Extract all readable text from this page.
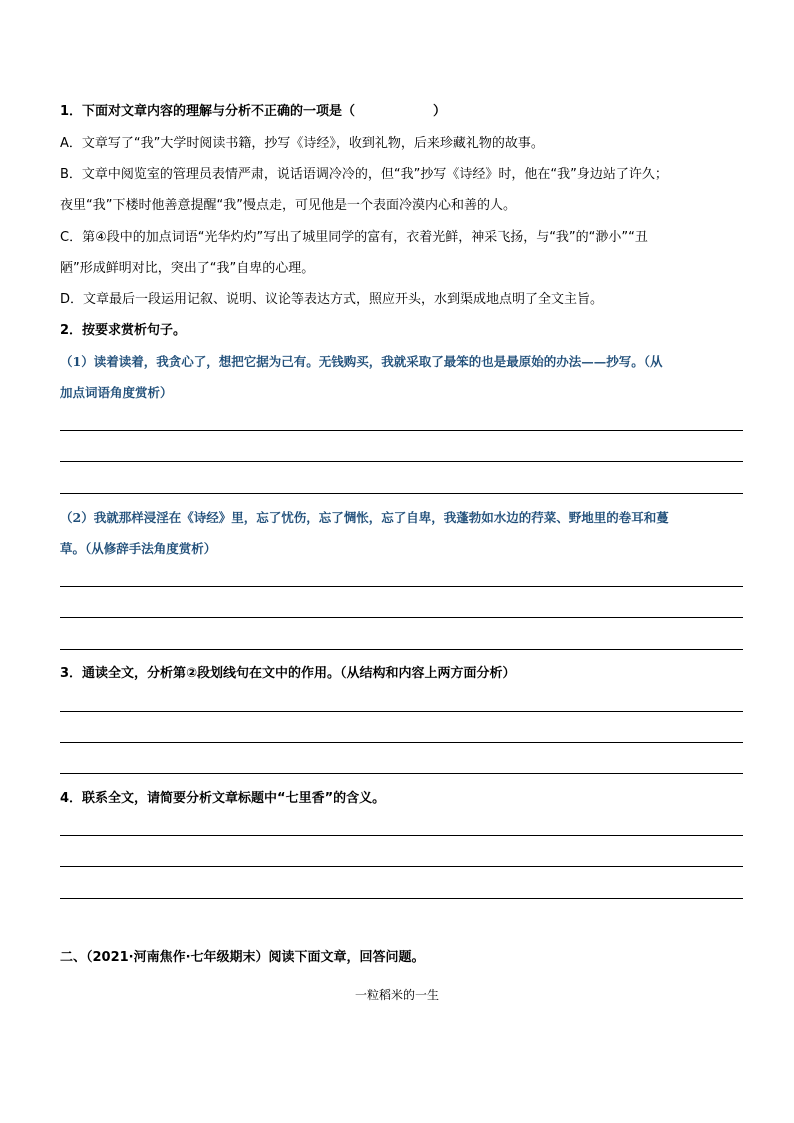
1．下面对文章内容的理解与分析不正确的一项是（　　　　　　）
A．文章写了“我”大学时阅读书籍，抄写《诗经》，收到礼物，后来珍藏礼物的故事。
B．文章中阅览室的管理员表情严肃，说话语调冷冷的，但“我”抄写《诗经》时，他在“我”身边站了许久；
夜里“我”下楼时他善意提醒“我”慢点走，可见他是一个表面冷漠内心和善的人。
C．第④段中的加点词语“光华灼灼”写出了城里同学的富有，衣着光鲜，神采飞扬，与“我”的“渺小”“丑
陋”形成鲜明对比，突出了“我”自卑的心理。
D．文章最后一段运用记叙、说明、议论等表达方式，照应开头，水到渠成地点明了全文主旨。
2．按要求赏析句子。
（1）读着读着，我贪心了，想把它据为己有。无钱购买，我就采取了最笨的也是最原始的办法——抄写。（从
加点词语角度赏析）
（2）我就那样浸淫在《诗经》里，忘了忧伤，忘了惆怅，忘了自卑，我蓬勃如水边的荇菜、野地里的卷耳和蔓
草。（从修辞手法角度赏析）
3．通读全文，分析第②段划线句在文中的作用。（从结构和内容上两方面分析）
4．联系全文，请简要分析文章标题中“七里香”的含义。
二、（2021·河南焦作·七年级期末）阅读下面文章，回答问题。
一粒稻米的一生
